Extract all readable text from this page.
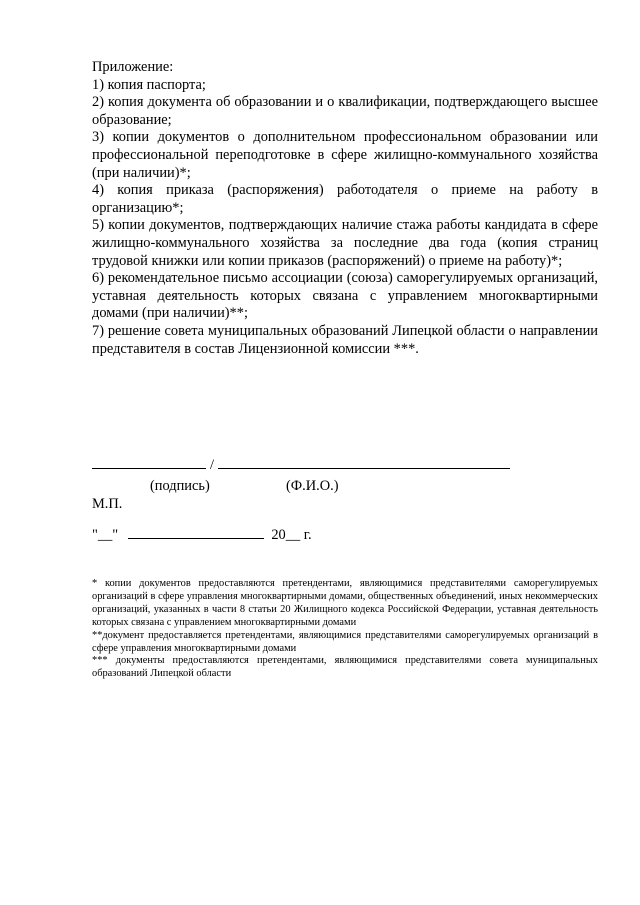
Приложение:

1) копия паспорта;

2) копия документа об образовании и о квалификации, подтверждающего высшее образование;

3) копии документов о дополнительном профессиональном образовании или профессиональной переподготовке в сфере жилищно-коммунального хозяйства (при наличии)*;

4) копия приказа (распоряжения) работодателя о приеме на работу в организацию*;

5) копии документов, подтверждающих наличие стажа работы кандидата в сфере жилищно-коммунального хозяйства за последние два года (копия страниц трудовой книжки или копии приказов (распоряжений) о приеме на работу)*;

6) рекомендательное письмо ассоциации (союза) саморегулируемых организаций, уставная деятельность которых связана с управлением многоквартирными домами (при наличии)**;

7) решение совета муниципальных образований Липецкой области о направлении представителя в состав Лицензионной комиссии ***.

/
(подпись)	(Ф.И.О.)
М.П.
"__"	20__ г.

* копии документов предоставляются претендентами, являющимися представителями саморегулируемых организаций в сфере управления многоквартирными домами, общественных объединений, иных некоммерческих организаций, указанных в части 8 статьи 20 Жилищного кодекса Российской Федерации, уставная деятельность которых связана с управлением многоквартирными домами

**документ предоставляется претендентами, являющимися представителями саморегулируемых организаций в сфере управления многоквартирными домами

*** документы предоставляются претендентами, являющимися представителями совета муниципальных образований Липецкой области
